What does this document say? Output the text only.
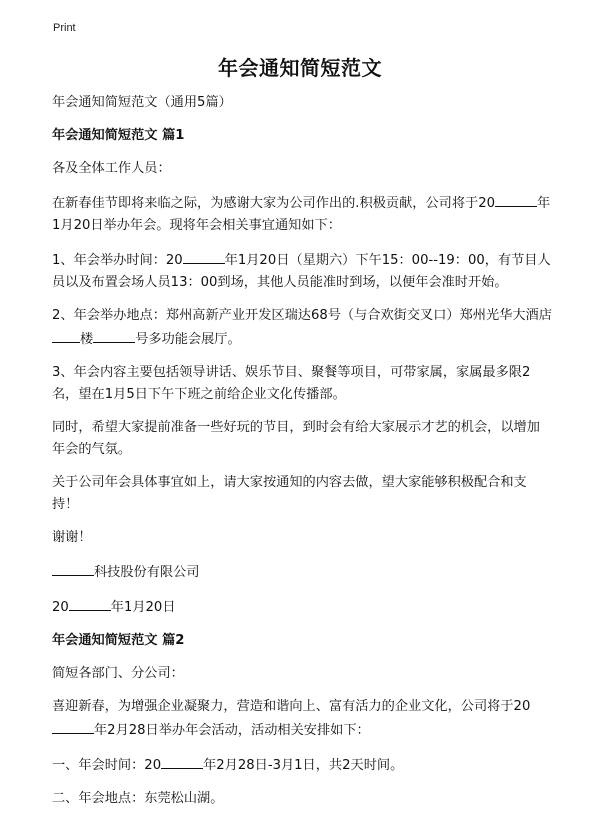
Print
年会通知简短范文

年会通知简短范文（通用5篇）

年会通知简短范文 篇1

各及全体工作人员：

在新春佳节即将来临之际，为感谢大家为公司作出的.积极贡献，公司将于20	年1月20日举办年会。现将年会相关事宜通知如下：

1、年会举办时间：20	年1月20日（星期六）下午15：00--19：00，有节目人员以及布置会场人员13：00到场，其他人员能准时到场，以便年会准时开始。

2、年会举办地点：郑州高新产业开发区瑞达68号（与合欢街交叉口）郑州光华大酒店楼	号多功能会展厅。

3、年会内容主要包括领导讲话、娱乐节目、聚餐等项目，可带家属，家属最多限2名，望在1月5日下午下班之前给企业文化传播部。

同时，希望大家提前准备一些好玩的节目，到时会有给大家展示才艺的机会，以增加年会的气氛。

关于公司年会具体事宜如上，请大家按通知的内容去做，望大家能够积极配合和支持！

谢谢！

科技股份有限公司

20	年1月20日

年会通知简短范文 篇2

简短各部门、分公司：

喜迎新春，为增强企业凝聚力，营造和谐向上、富有活力的企业文化，公司将于20年2月28日举办年会活动，活动相关安排如下：

一、年会时间：20	年2月28日-3月1日，共2天时间。

二、年会地点：东莞松山湖。
